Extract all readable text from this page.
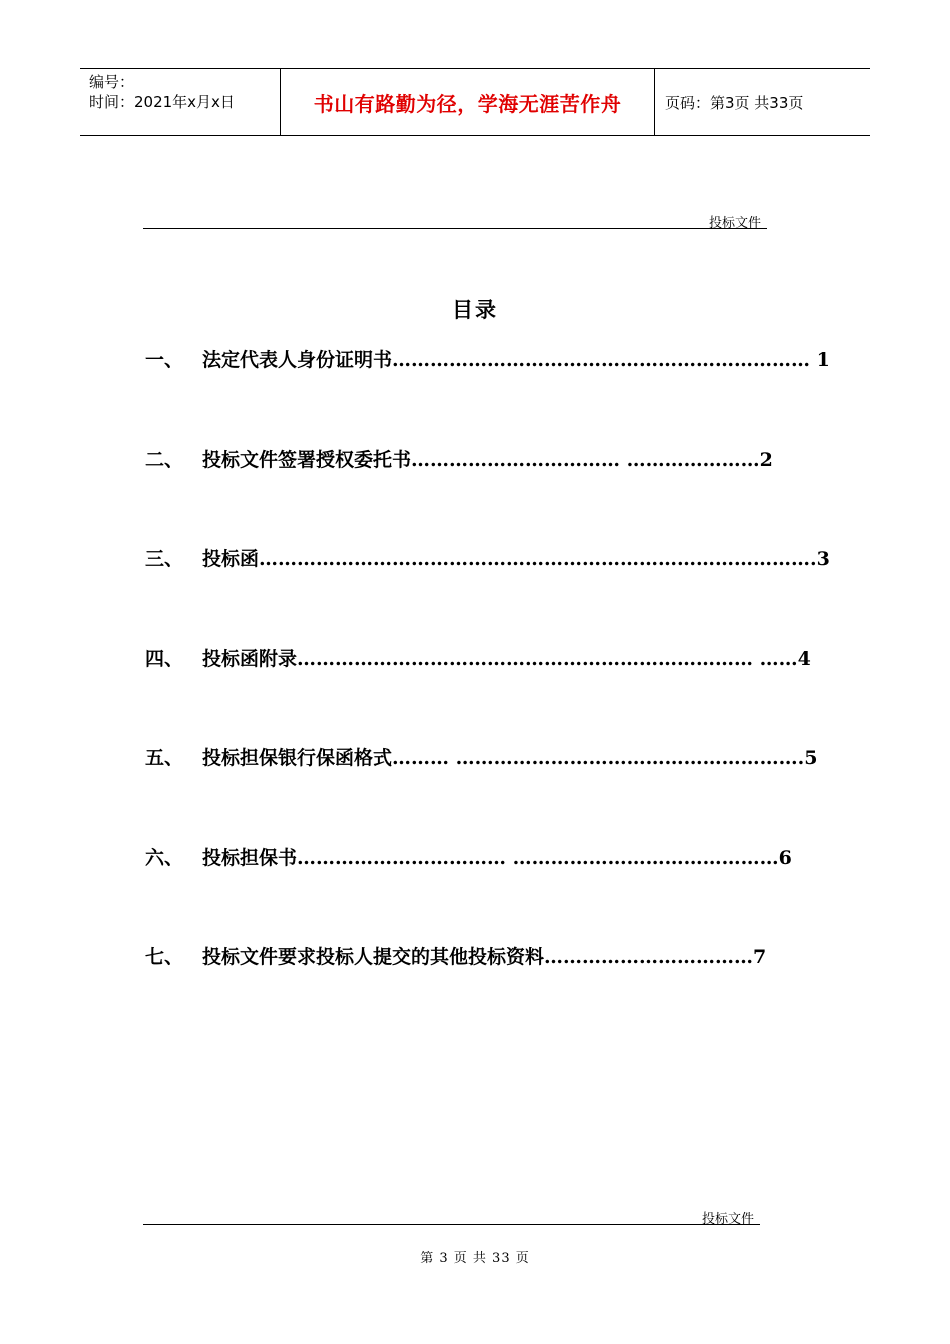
编号：
时间：2021年x月x日	书山有路勤为径，学海无涯苦作舟	页码：第3页 共33页
投标文件
目录
一、 法定代表人身份证明书………………………………………………………… 1
二、 投标文件签署授权委托书…………………………… …………………2
三、 投标函…………………………………………………………………………….3
四、 投标函附录……………………………………………………………… ……4
五、 投标担保银行保函格式……… ……………………………………………….5
六、 投标担保书…………………………… ……………………………………6
七、 投标文件要求投标人提交的其他投标资料……………………………7
投标文件
第 3 页 共 33 页
